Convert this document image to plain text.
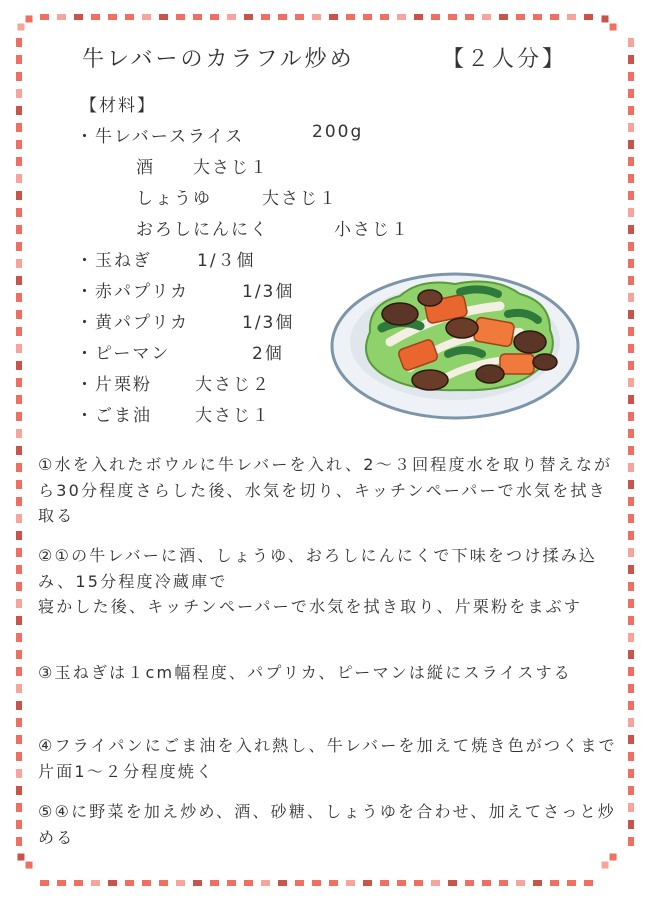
牛レバーのカラフル炒め	【２人分】
【材料】
・牛レバースライス	200g
酒 大さじ１
しょうゆ	大さじ１
おろしにんにく	小さじ１
・玉ねぎ	1/３個
・赤パプリカ	1/3個
・黄パプリカ	1/3個
・ピーマン	2個
・片栗粉	大さじ２
・ごま油	大さじ１

①水を入れたボウルに牛レバーを入れ、2〜３回程度水を取り替えながら30分程度さらした後、水気を切り、キッチンペーパーで水気を拭き取る

②①の牛レバーに酒、しょうゆ、おろしにんにくで下味をつけ揉み込み、15分程度冷蔵庫で

寝かした後、キッチンペーパーで水気を拭き取り、片栗粉をまぶす

③玉ねぎは１cm幅程度、パプリカ、ピーマンは縦にスライスする

④フライパンにごま油を入れ熱し、牛レバーを加えて焼き色がつくまで片面1〜２分程度焼く

⑤④に野菜を加え炒め、酒、砂糖、しょうゆを合わせ、加えてさっと炒める
